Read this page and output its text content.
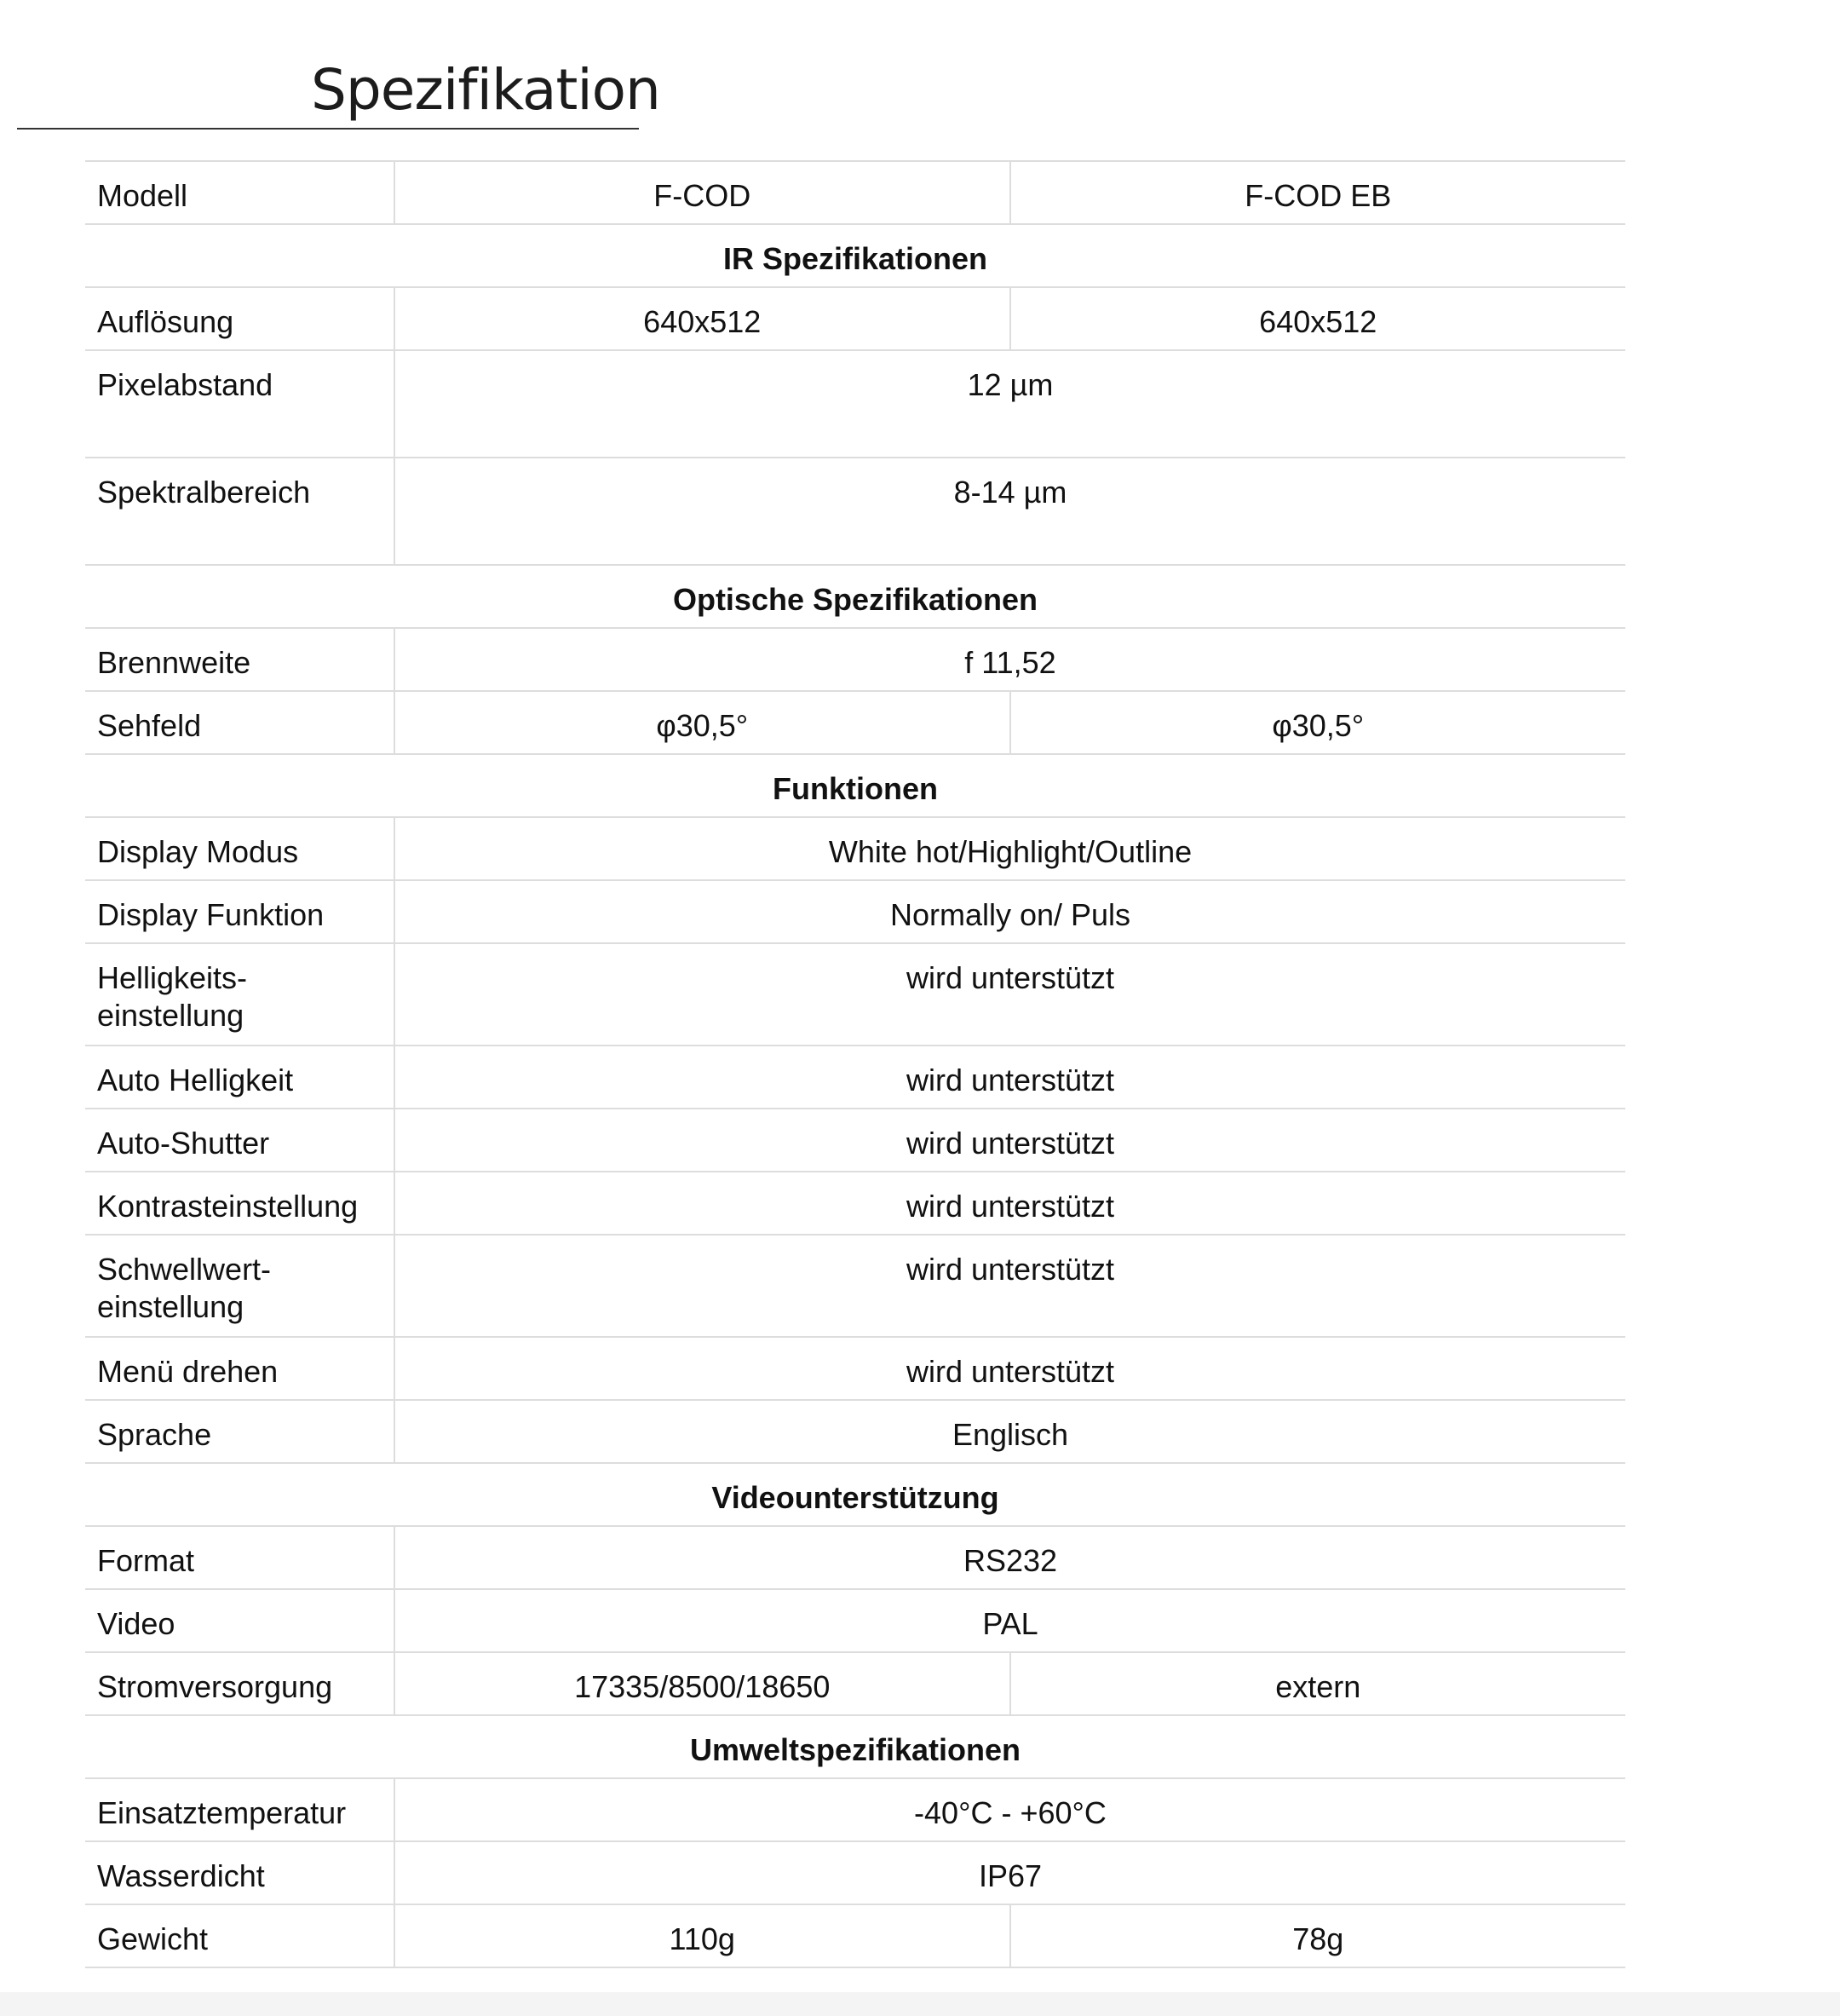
Spezifikation
Modell	F-COD	F-COD EB
IR Spezifikationen		
Auflösung	640x512	640x512
Pixelabstand	12 µm	
Spektralbereich	8-14 µm	
Optische Spezifikationen		
Brennweite	f 11,52	
Sehfeld	φ30,5°	φ30,5°
Funktionen		
Display Modus	White hot/Highlight/Outline	
Display Funktion	Normally on/ Puls	
Helligkeits-
einstellung	wird unterstützt	
Auto Helligkeit	wird unterstützt	
Auto-Shutter	wird unterstützt	
Kontrasteinstellung	wird unterstützt	
Schwellwert-
einstellung	wird unterstützt	
Menü drehen	wird unterstützt	
Sprache	Englisch	
Videounterstützung		
Format	RS232	
Video	PAL	
Stromversorgung	17335/8500/18650	extern
Umweltspezifikationen		
Einsatztemperatur	-40°C - +60°C	
Wasserdicht	IP67	
Gewicht	110g	78g
